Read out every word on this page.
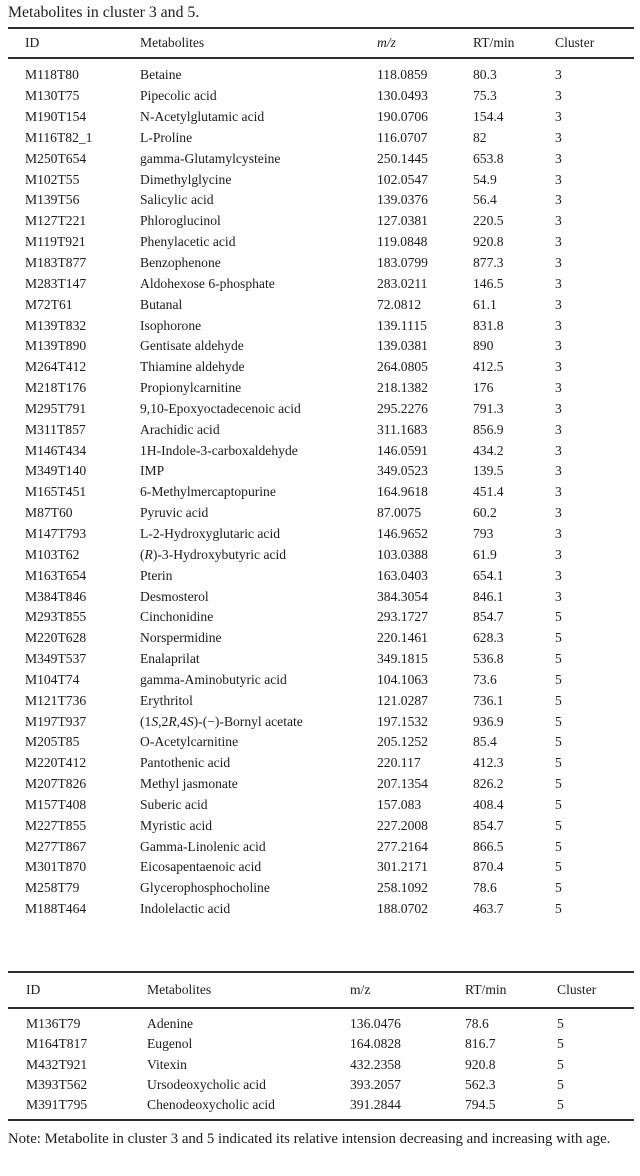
Metabolites in cluster 3 and 5.
ID	Metabolites	m/z	RT/min	Cluster
M118T80	Betaine	118.0859	80.3	3
M130T75	Pipecolic acid	130.0493	75.3	3
M190T154	N-Acetylglutamic acid	190.0706	154.4	3
M116T82_1	L-Proline	116.0707	82	3
M250T654	gamma-Glutamylcysteine	250.1445	653.8	3
M102T55	Dimethylglycine	102.0547	54.9	3
M139T56	Salicylic acid	139.0376	56.4	3
M127T221	Phloroglucinol	127.0381	220.5	3
M119T921	Phenylacetic acid	119.0848	920.8	3
M183T877	Benzophenone	183.0799	877.3	3
M283T147	Aldohexose 6-phosphate	283.0211	146.5	3
M72T61	Butanal	72.0812	61.1	3
M139T832	Isophorone	139.1115	831.8	3
M139T890	Gentisate aldehyde	139.0381	890	3
M264T412	Thiamine aldehyde	264.0805	412.5	3
M218T176	Propionylcarnitine	218.1382	176	3
M295T791	9,10-Epoxyoctadecenoic acid	295.2276	791.3	3
M311T857	Arachidic acid	311.1683	856.9	3
M146T434	1H-Indole-3-carboxaldehyde	146.0591	434.2	3
M349T140	IMP	349.0523	139.5	3
M165T451	6-Methylmercaptopurine	164.9618	451.4	3
M87T60	Pyruvic acid	87.0075	60.2	3
M147T793	L-2-Hydroxyglutaric acid	146.9652	793	3
M103T62	(R)-3-Hydroxybutyric acid	103.0388	61.9	3
M163T654	Pterin	163.0403	654.1	3
M384T846	Desmosterol	384.3054	846.1	3
M293T855	Cinchonidine	293.1727	854.7	5
M220T628	Norspermidine	220.1461	628.3	5
M349T537	Enalaprilat	349.1815	536.8	5
M104T74	gamma-Aminobutyric acid	104.1063	73.6	5
M121T736	Erythritol	121.0287	736.1	5
M197T937	(1S,2R,4S)-(−)-Bornyl acetate	197.1532	936.9	5
M205T85	O-Acetylcarnitine	205.1252	85.4	5
M220T412	Pantothenic acid	220.117	412.3	5
M207T826	Methyl jasmonate	207.1354	826.2	5
M157T408	Suberic acid	157.083	408.4	5
M227T855	Myristic acid	227.2008	854.7	5
M277T867	Gamma-Linolenic acid	277.2164	866.5	5
M301T870	Eicosapentaenoic acid	301.2171	870.4	5
M258T79	Glycerophosphocholine	258.1092	78.6	5
M188T464	Indolelactic acid	188.0702	463.7	5
ID	Metabolites	m/z	RT/min	Cluster
M136T79	Adenine	136.0476	78.6	5
M164T817	Eugenol	164.0828	816.7	5
M432T921	Vitexin	432.2358	920.8	5
M393T562	Ursodeoxycholic acid	393.2057	562.3	5
M391T795	Chenodeoxycholic acid	391.2844	794.5	5
Note: Metabolite in cluster 3 and 5 indicated its relative intension decreasing and increasing with age.
